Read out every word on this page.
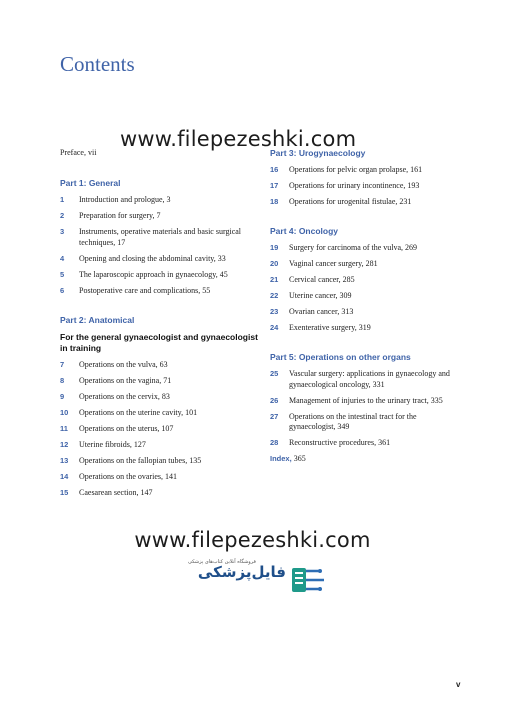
Contents
www.filepezeshki.com
Preface, vii
Part 1: General
1	Introduction and prologue, 3
2	Preparation for surgery, 7
3	Instruments, operative materials and basic surgical techniques, 17
4	Opening and closing the abdominal cavity, 33
5	The laparoscopic approach in gynaecology, 45
6	Postoperative care and complications, 55
Part 2: Anatomical
For the general gynaecologist and gynaecologist in training
7	Operations on the vulva, 63
8	Operations on the vagina, 71
9	Operations on the cervix, 83
10	Operations on the uterine cavity, 101
11	Operations on the uterus, 107
12	Uterine fibroids, 127
13	Operations on the fallopian tubes, 135
14	Operations on the ovaries, 141
15	Caesarean section, 147
Part 3: Urogynaecology
16	Operations for pelvic organ prolapse, 161
17	Operations for urinary incontinence, 193
18	Operations for urogenital fistulae, 231
Part 4: Oncology
19	Surgery for carcinoma of the vulva, 269
20	Vaginal cancer surgery, 281
21	Cervical cancer, 285
22	Uterine cancer, 309
23	Ovarian cancer, 313
24	Exenterative surgery, 319
Part 5: Operations on other organs
25	Vascular surgery: applications in gynaecology and gynaecological oncology, 331
26	Management of injuries to the urinary tract, 335
27	Operations on the intestinal tract for the gynaecologist, 349
28	Reconstructive procedures, 361
Index, 365
www.filepezeshki.com
فروشگاه آنلاین کتاب‌های پزشکی
فایل‌پزشکی
v
